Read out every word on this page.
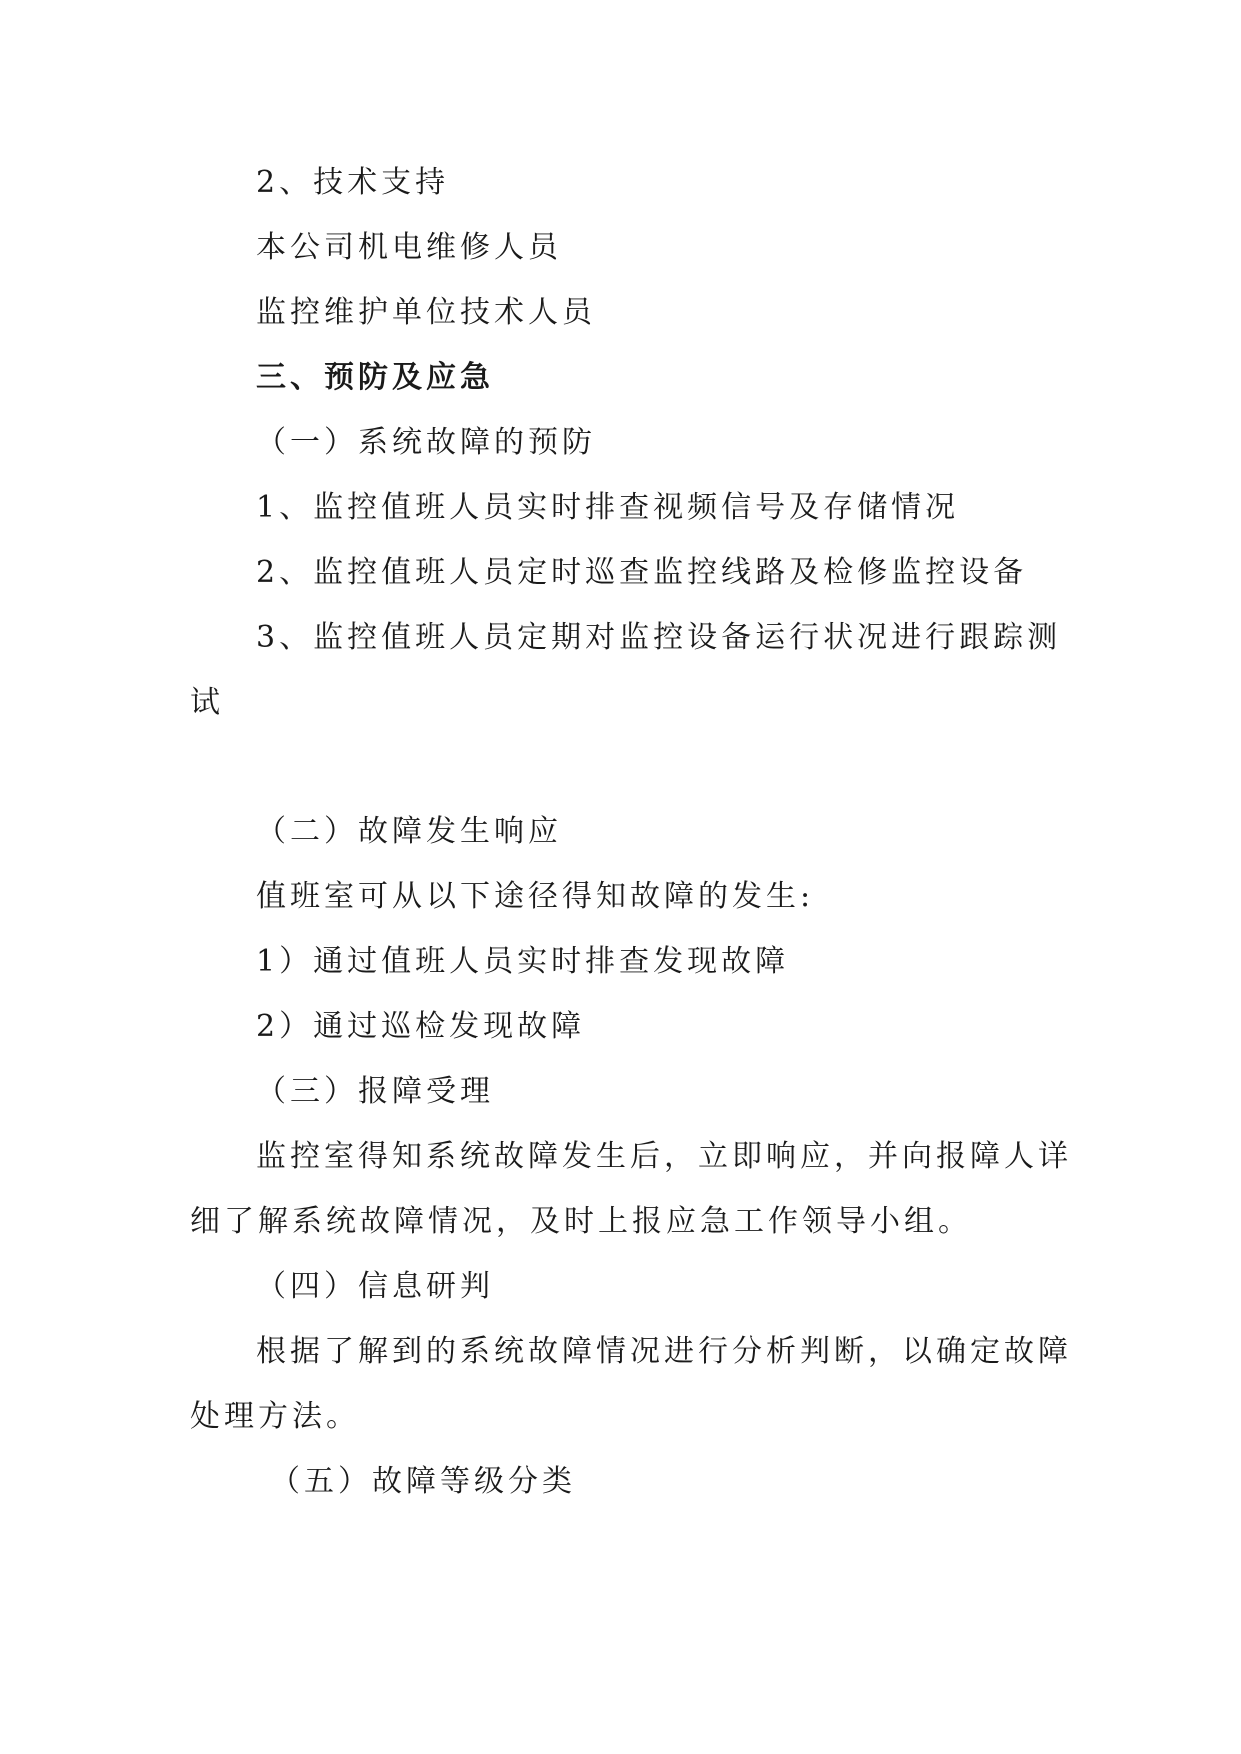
2、技术支持
本公司机电维修人员
监控维护单位技术人员
三、预防及应急
（一）系统故障的预防
1、监控值班人员实时排查视频信号及存储情况
2、监控值班人员定时巡查监控线路及检修监控设备
3、监控值班人员定期对监控设备运行状况进行跟踪测
试
（二）故障发生响应
值班室可从以下途径得知故障的发生:
1）通过值班人员实时排查发现故障
2）通过巡检发现故障
（三）报障受理
监控室得知系统故障发生后，立即响应，并向报障人详
细了解系统故障情况，及时上报应急工作领导小组。
（四）信息研判
根据了解到的系统故障情况进行分析判断，以确定故障
处理方法。
（五）故障等级分类
